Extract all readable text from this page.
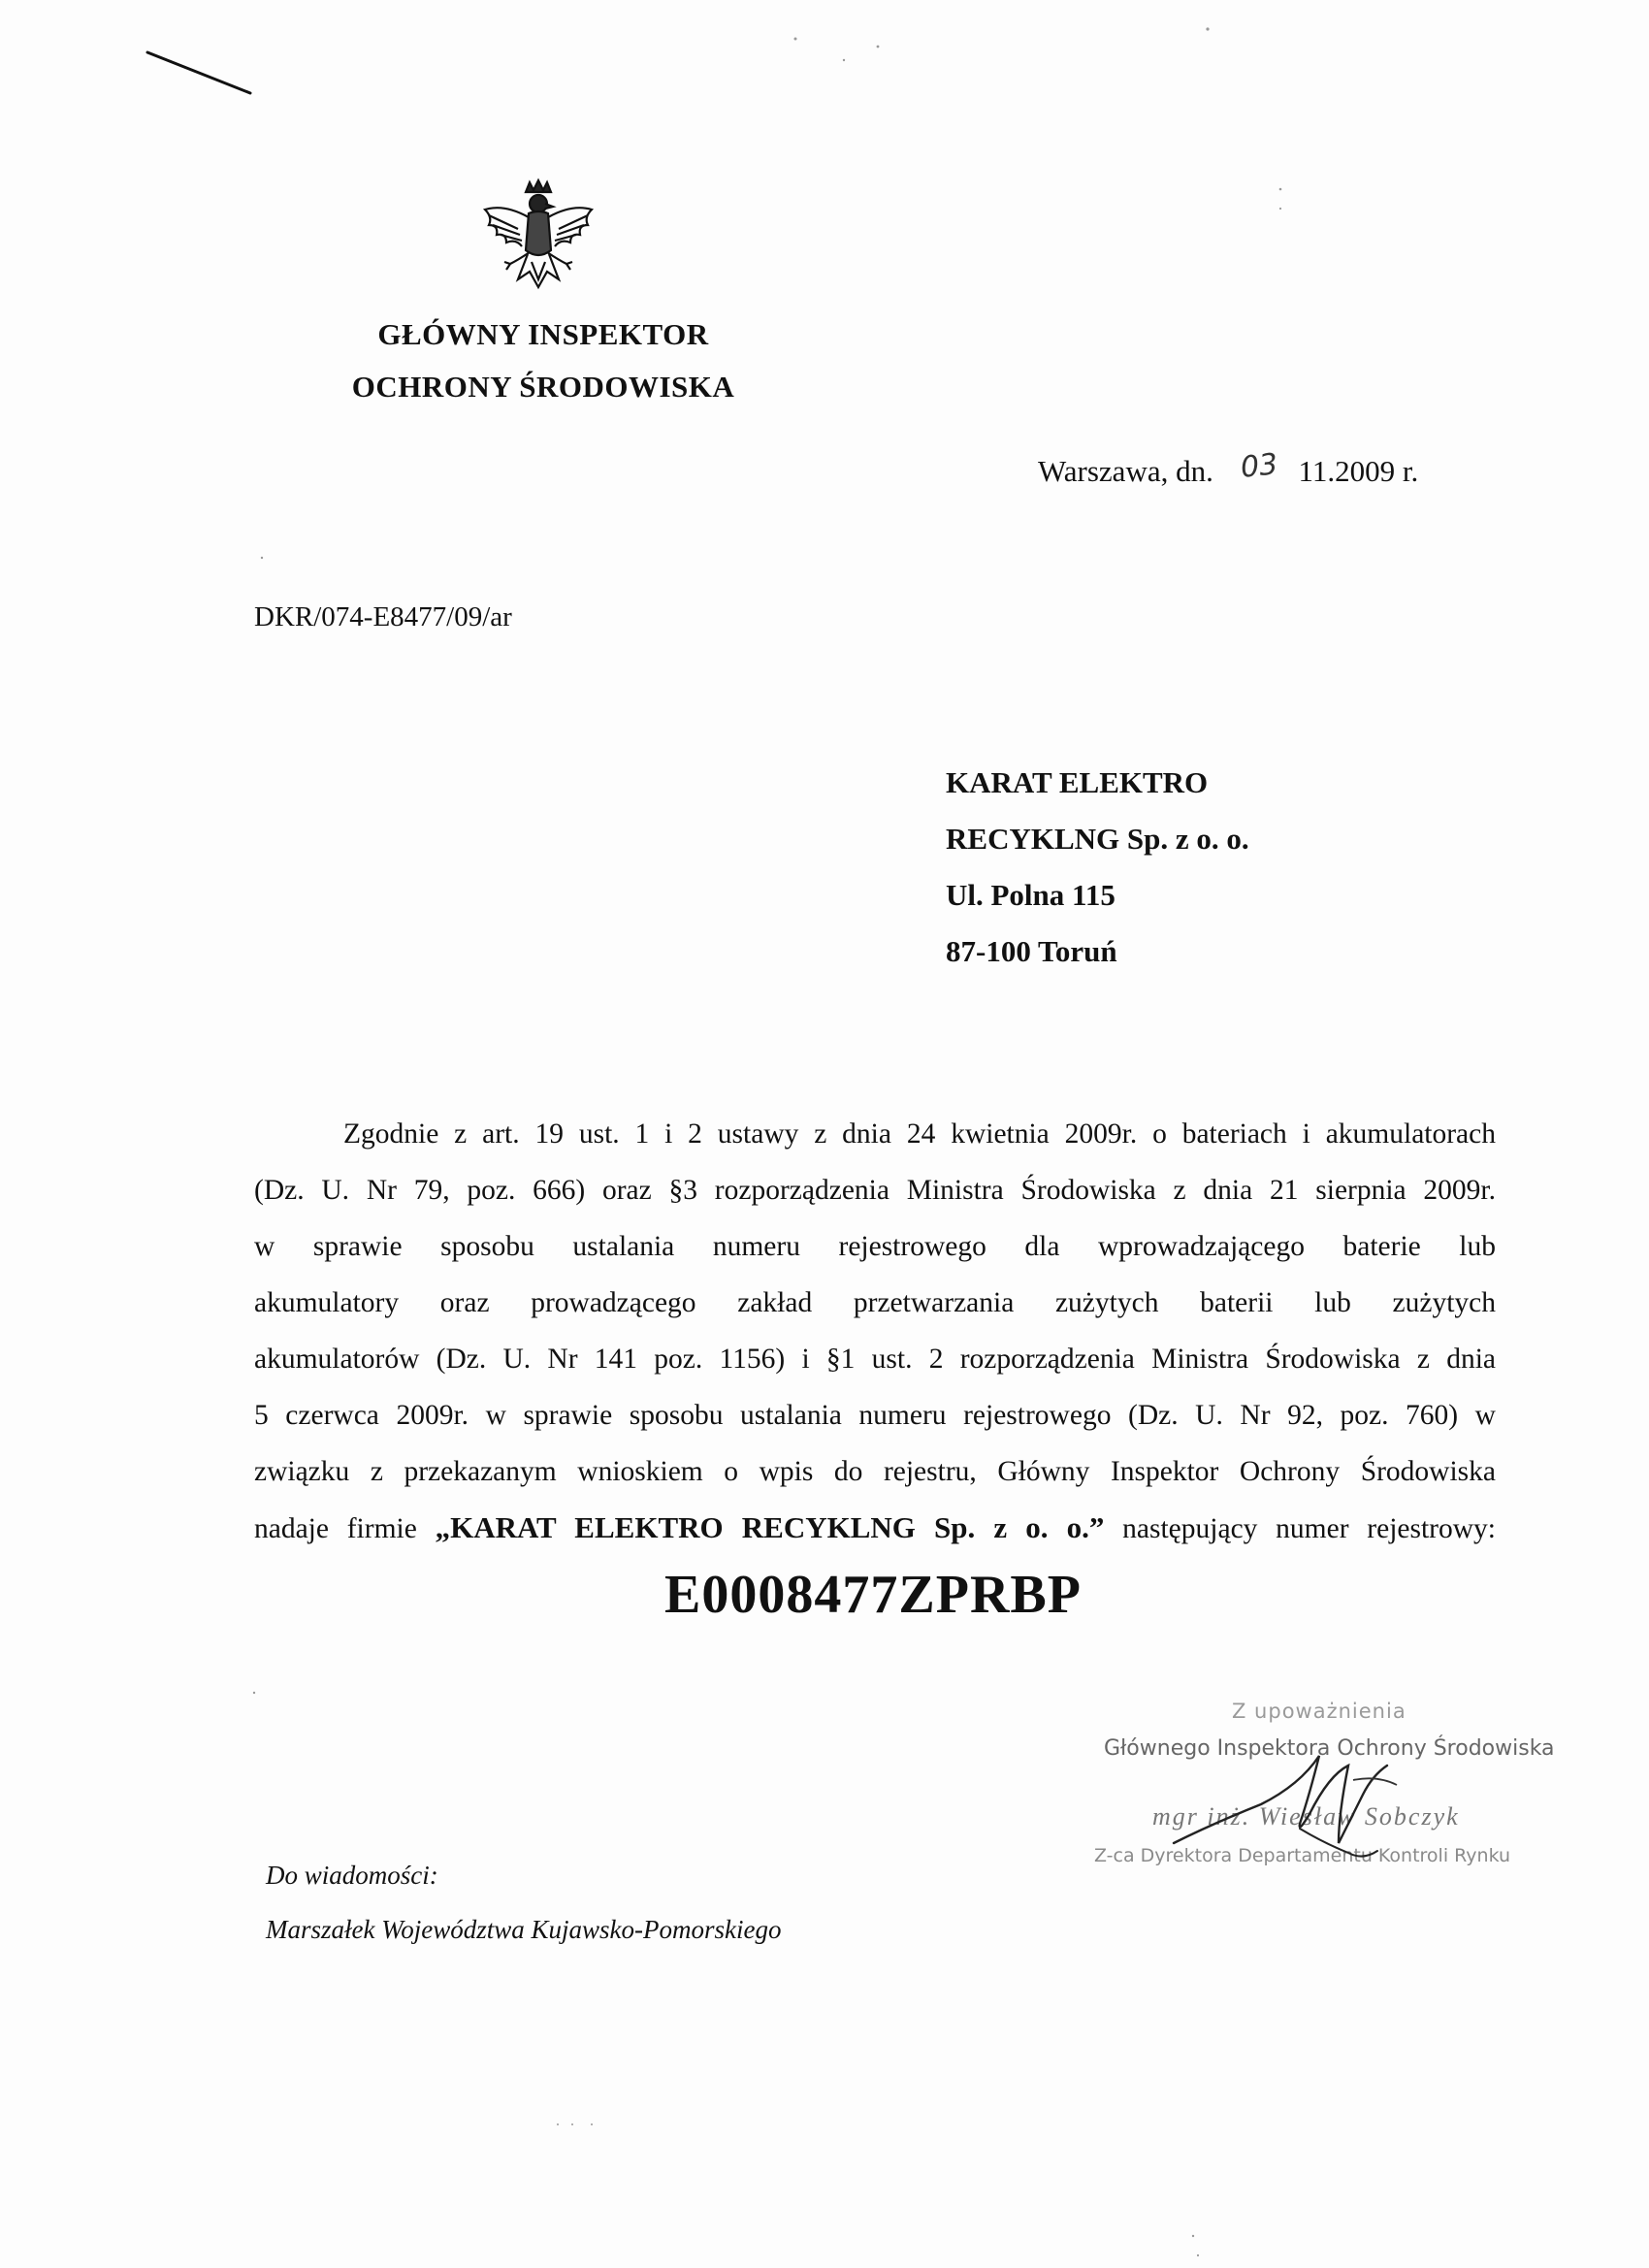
GŁÓWNY INSPEKTOR
OCHRONY ŚRODOWISKA
Warszawa, dn. 03 11.2009 r.
DKR/074-E8477/09/ar
KARAT ELEKTRO
RECYKLNG Sp. z o. o.
Ul. Polna 115
87-100 Toruń
Zgodnie z art. 19 ust. 1 i 2 ustawy z dnia 24 kwietnia 2009r. o bateriach i akumulatorach
(Dz. U. Nr 79, poz. 666) oraz §3 rozporządzenia Ministra Środowiska z dnia 21 sierpnia 2009r.
w sprawie sposobu ustalania numeru rejestrowego dla wprowadzającego baterie lub
akumulatory oraz prowadzącego zakład przetwarzania zużytych baterii lub zużytych
akumulatorów (Dz. U. Nr 141 poz. 1156) i §1 ust. 2 rozporządzenia Ministra Środowiska z dnia
5 czerwca 2009r. w sprawie sposobu ustalania numeru rejestrowego (Dz. U. Nr 92, poz. 760) w
związku z przekazanym wnioskiem o wpis do rejestru, Główny Inspektor Ochrony Środowiska
nadaje firmie „KARAT ELEKTRO RECYKLNG Sp. z o. o.” następujący numer rejestrowy:
E0008477ZPRBP
Z upoważnienia
Głównego Inspektora Ochrony Środowiska
mgr inż. Wiesław Sobczyk
Z-ca Dyrektora Departamentu Kontroli Rynku
Do wiadomości:
Marszałek Województwa Kujawsko-Pomorskiego
